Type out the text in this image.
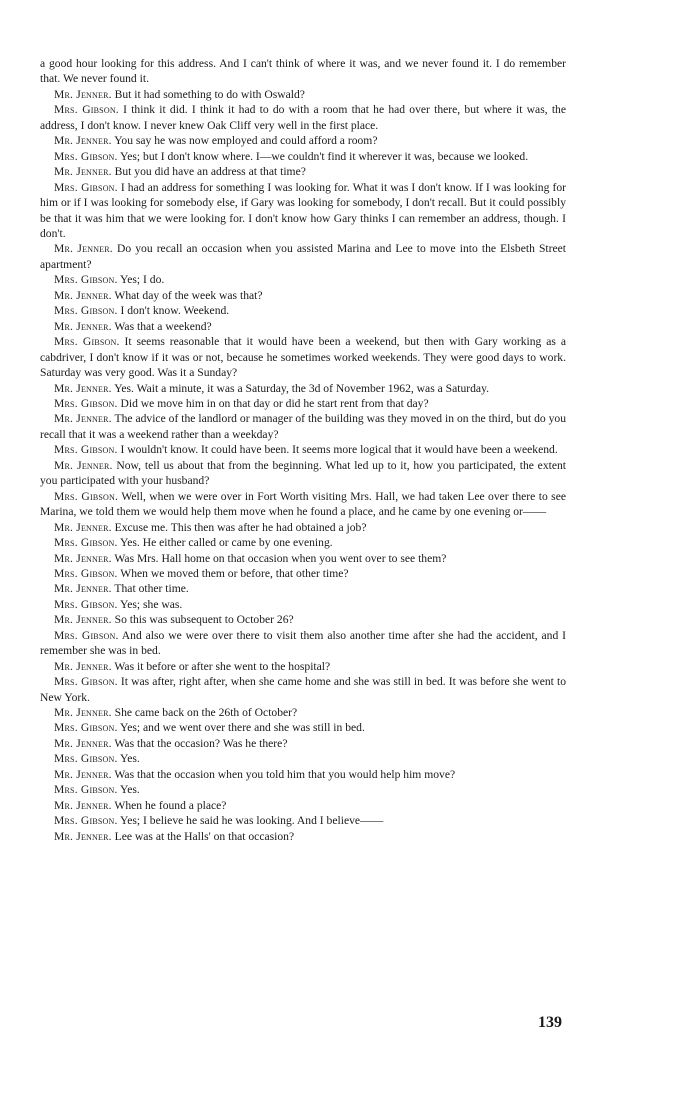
a good hour looking for this address. And I can't think of where it was, and we never found it. I do remember that. We never found it.

Mr. Jenner. But it had something to do with Oswald?

Mrs. Gibson. I think it did. I think it had to do with a room that he had over there, but where it was, the address, I don't know. I never knew Oak Cliff very well in the first place.

Mr. Jenner. You say he was now employed and could afford a room?

Mrs. Gibson. Yes; but I don't know where. I—we couldn't find it wherever it was, because we looked.

Mr. Jenner. But you did have an address at that time?

Mrs. Gibson. I had an address for something I was looking for. What it was I don't know. If I was looking for him or if I was looking for somebody else, if Gary was looking for somebody, I don't recall. But it could possibly be that it was him that we were looking for. I don't know how Gary thinks I can remember an address, though. I don't.

Mr. Jenner. Do you recall an occasion when you assisted Marina and Lee to move into the Elsbeth Street apartment?

Mrs. Gibson. Yes; I do.

Mr. Jenner. What day of the week was that?

Mrs. Gibson. I don't know. Weekend.

Mr. Jenner. Was that a weekend?

Mrs. Gibson. It seems reasonable that it would have been a weekend, but then with Gary working as a cabdriver, I don't know if it was or not, because he sometimes worked weekends. They were good days to work. Saturday was very good. Was it a Sunday?

Mr. Jenner. Yes. Wait a minute, it was a Saturday, the 3d of November 1962, was a Saturday.

Mrs. Gibson. Did we move him in on that day or did he start rent from that day?

Mr. Jenner. The advice of the landlord or manager of the building was they moved in on the third, but do you recall that it was a weekend rather than a weekday?

Mrs. Gibson. I wouldn't know. It could have been. It seems more logical that it would have been a weekend.

Mr. Jenner. Now, tell us about that from the beginning. What led up to it, how you participated, the extent you participated with your husband?

Mrs. Gibson. Well, when we were over in Fort Worth visiting Mrs. Hall, we had taken Lee over there to see Marina, we told them we would help them move when he found a place, and he came by one evening or——

Mr. Jenner. Excuse me. This then was after he had obtained a job?

Mrs. Gibson. Yes. He either called or came by one evening.

Mr. Jenner. Was Mrs. Hall home on that occasion when you went over to see them?

Mrs. Gibson. When we moved them or before, that other time?

Mr. Jenner. That other time.

Mrs. Gibson. Yes; she was.

Mr. Jenner. So this was subsequent to October 26?

Mrs. Gibson. And also we were over there to visit them also another time after she had the accident, and I remember she was in bed.

Mr. Jenner. Was it before or after she went to the hospital?

Mrs. Gibson. It was after, right after, when she came home and she was still in bed. It was before she went to New York.

Mr. Jenner. She came back on the 26th of October?

Mrs. Gibson. Yes; and we went over there and she was still in bed.

Mr. Jenner. Was that the occasion? Was he there?

Mrs. Gibson. Yes.

Mr. Jenner. Was that the occasion when you told him that you would help him move?

Mrs. Gibson. Yes.

Mr. Jenner. When he found a place?

Mrs. Gibson. Yes; I believe he said he was looking. And I believe——

Mr. Jenner. Lee was at the Halls' on that occasion?

139
